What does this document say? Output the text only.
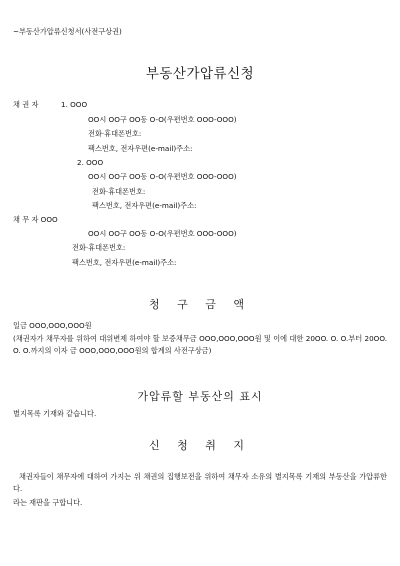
~부동산가압류신청서(사전구상권)
부동산가압류신청
채 권 자	1. OOO
OO시 OO구 OO동 O-O(우편번호 OOO-OOO)
전화·휴대폰번호:
팩스번호, 전자우편(e-mail)주소:
2. OOO
OO시 OO구 OO동 O-O(우편번호 OOO-OOO)
전화·휴대폰번호:
팩스번호, 전자우편(e-mail)주소:
채 무 자 OOO
OO시 OO구 OO동 O-O(우편번호 OOO-OOO)
전화·휴대폰번호:
팩스번호, 전자우편(e-mail)주소:
청 구 금 액
일금 OOO,OOO,OOO원
(채권자가 채무자를 위하여 대위변제 하여야 할 보증채무금 OOO,OOO,OOO원 및 이에 대한 20OO. O. O.부터 20OO. O. O.까지의 이자 금 OOO,OOO,OOO원의 합계의 사전구상금)
가압류할 부동산의 표시
별지목록 기재와 같습니다.
신 청 취 지
채권자들이 채무자에 대하여 가지는 위 채권의 집행보전을 위하여 채무자 소유의 별지목록 기재의 부동산을 가압류한다.
라는 재판을 구합니다.
